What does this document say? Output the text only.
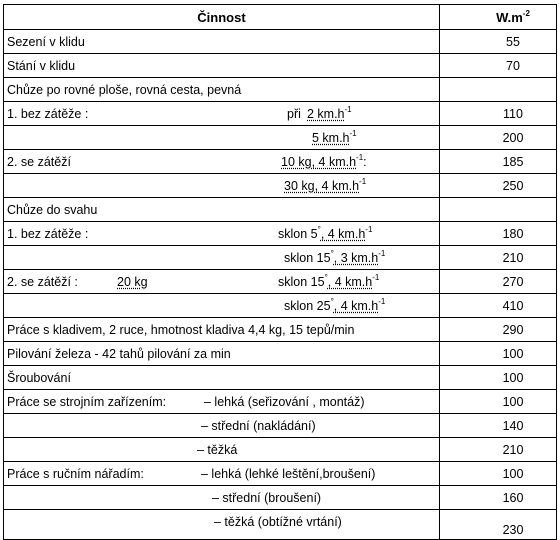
Činnost	$W.m^{-2}$

Sezení v klidu	55

Stání v klidu	70

Chůze po rovné ploše, rovná cesta, pevná	

1. bez zátěže : při 2 $km.h^{-1}$	110

5 $km.h^{-1}$	200

2. se zátěží 10 kg, 4 $km.h^{-1}$:	185

30 kg, 4 $km.h^{-1}$	250

Chůze do svahu	

1. bez zátěže : sklon 5°, 4 $km.h^{-1}$	180

sklon 15°, 3 $km.h^{-1}$	210

2. se zátěží : 20 kg sklon 15°, 4 $km.h^{-1}$	270

sklon 25°, 4 $km.h^{-1}$	410

Práce s kladivem, 2 ruce, hmotnost kladiva 4,4 kg, 15 tepů/min	290

Pilování železa - 42 tahů pilování za min	100

Šroubování	100

Práce se strojním zařízením: – lehká (seřizování , montáž)	100

– střední (nakládání)	140

– těžká	210

Práce s ručním nářadím: – lehká (lehké leštění,broušení)	100

– střední (broušení)	160

– těžká (obtížné vrtání)	230
